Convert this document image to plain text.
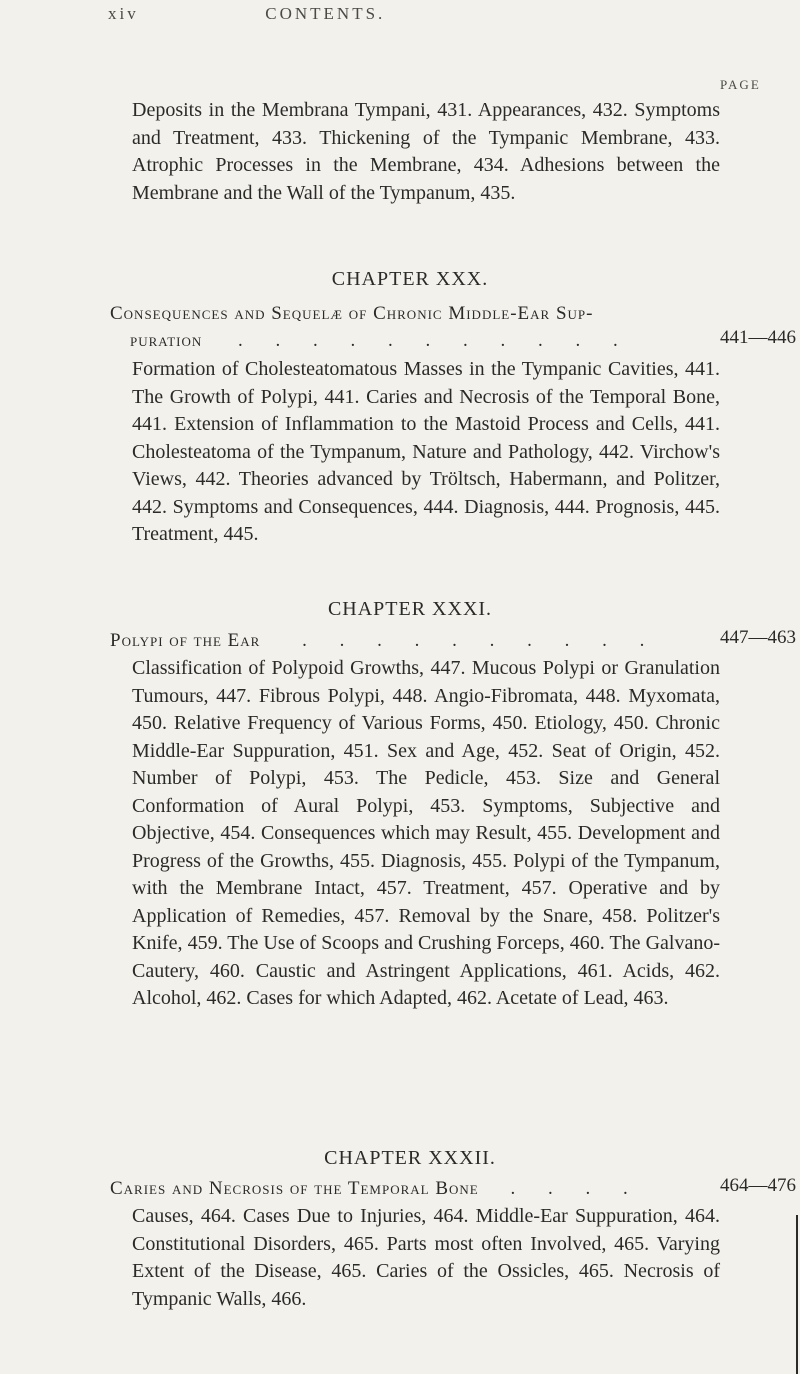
xiv	CONTENTS.
PAGE
Deposits in the Membrana Tympani, 431. Appearances, 432. Symptoms and Treatment, 433. Thickening of the Tympanic Membrane, 433. Atrophic Processes in the Membrane, 434. Adhesions between the Membrane and the Wall of the Tympanum, 435.
CHAPTER XXX.
Consequences and Sequelæ of Chronic Middle-Ear Sup-
puration . . . . . . . . . . .	441—446
Formation of Cholesteatomatous Masses in the Tympanic Cavities, 441. The Growth of Polypi, 441. Caries and Necrosis of the Temporal Bone, 441. Extension of Inflammation to the Mastoid Process and Cells, 441. Cholesteatoma of the Tympanum, Nature and Pathology, 442. Virchow's Views, 442. Theories advanced by Tröltsch, Habermann, and Politzer, 442. Symptoms and Consequences, 444. Diagnosis, 444. Prognosis, 445. Treatment, 445.
CHAPTER XXXI.
Polypi of the Ear . . . . . . . . . .	447—463
Classification of Polypoid Growths, 447. Mucous Polypi or Granulation Tumours, 447. Fibrous Polypi, 448. Angio-Fibromata, 448. Myxomata, 450. Relative Frequency of Various Forms, 450. Etiology, 450. Chronic Middle-Ear Suppuration, 451. Sex and Age, 452. Seat of Origin, 452. Number of Polypi, 453. The Pedicle, 453. Size and General Conformation of Aural Polypi, 453. Symptoms, Subjective and Objective, 454. Consequences which may Result, 455. Development and Progress of the Growths, 455. Diagnosis, 455. Polypi of the Tympanum, with the Membrane Intact, 457. Treatment, 457. Operative and by Application of Remedies, 457. Removal by the Snare, 458. Politzer's Knife, 459. The Use of Scoops and Crushing Forceps, 460. The Galvano-Cautery, 460. Caustic and Astringent Applications, 461. Acids, 462. Alcohol, 462. Cases for which Adapted, 462. Acetate of Lead, 463.
CHAPTER XXXII.
Caries and Necrosis of the Temporal Bone . . . .	464—476
Causes, 464. Cases Due to Injuries, 464. Middle-Ear Suppuration, 464. Constitutional Disorders, 465. Parts most often Involved, 465. Varying Extent of the Disease, 465. Caries of the Ossicles, 465. Necrosis of Tympanic Walls, 466.
